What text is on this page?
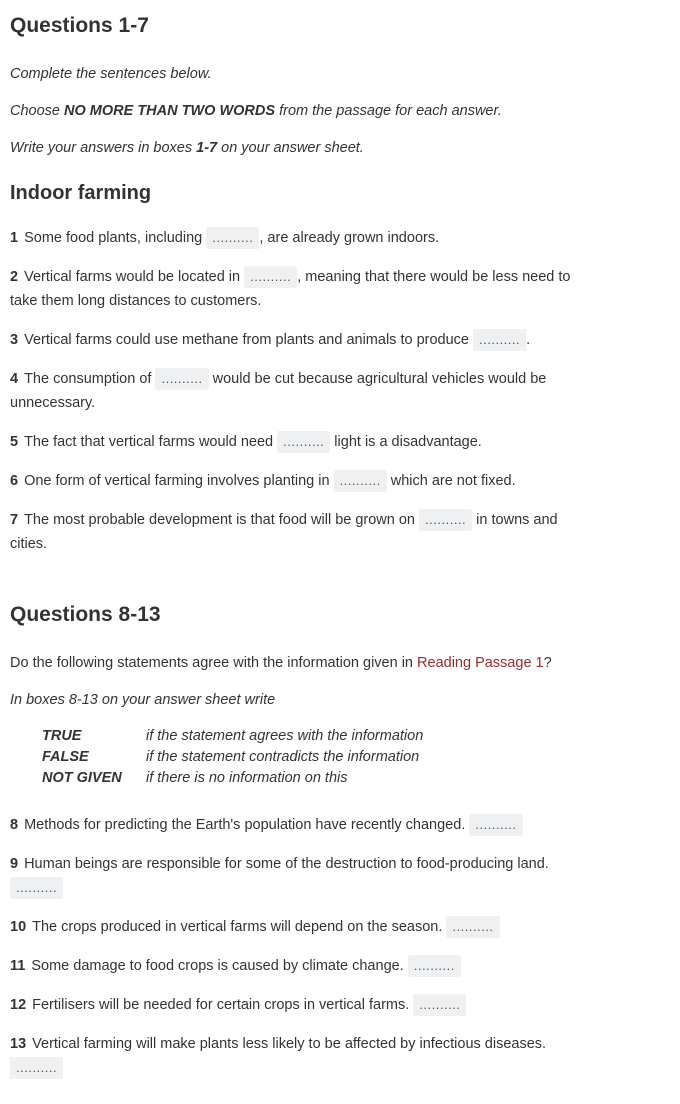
Questions 1-7
Complete the sentences below.
Choose NO MORE THAN TWO WORDS from the passage for each answer.
Write your answers in boxes 1-7 on your answer sheet.
Indoor farming
1 Some food plants, including .......... , are already grown indoors.
2 Vertical farms would be located in .......... , meaning that there would be less need to
take them long distances to customers.
3 Vertical farms could use methane from plants and animals to produce .......... .
4 The consumption of .......... would be cut because agricultural vehicles would be
unnecessary.
5 The fact that vertical farms would need .......... light is a disadvantage.
6 One form of vertical farming involves planting in .......... which are not fixed.
7 The most probable development is that food will be grown on .......... in towns and
cities.
Questions 8-13
Do the following statements agree with the information given in Reading Passage 1?
In boxes 8-13 on your answer sheet write
TRUE	if the statement agrees with the information
FALSE	if the statement contradicts the information
NOT GIVEN if there is no information on this
8 Methods for predicting the Earth's population have recently changed. ..........
9 Human beings are responsible for some of the destruction to food-producing land.
..........
10 The crops produced in vertical farms will depend on the season. ..........
11 Some damage to food crops is caused by climate change. ..........
12 Fertilisers will be needed for certain crops in vertical farms. ..........
13 Vertical farming will make plants less likely to be affected by infectious diseases.
..........
